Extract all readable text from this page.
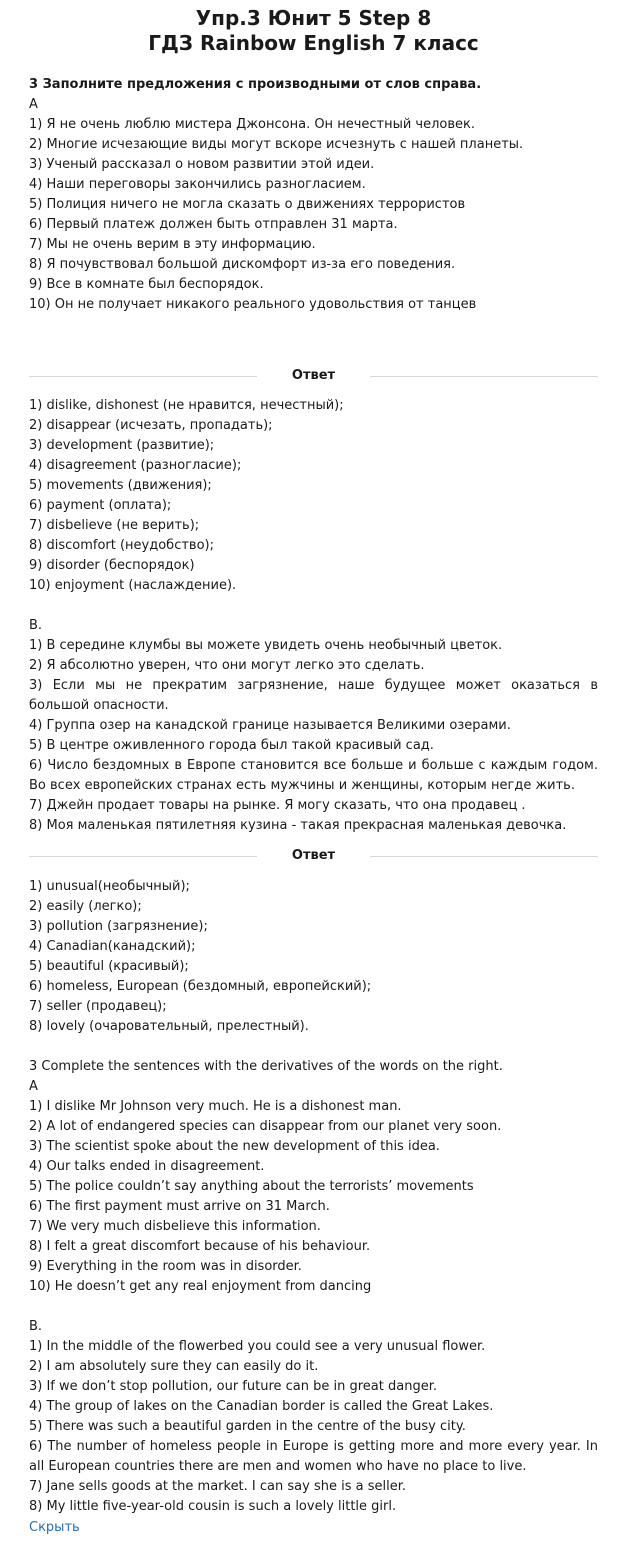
Упр.3 Юнит 5 Step 8
ГДЗ Rainbow English 7 класс
3 Заполните предложения с производными от слов справа.
А
1) Я не очень люблю мистера Джонсона. Он нечестный человек.
2) Многие исчезающие виды могут вскоре исчезнуть с нашей планеты.
3) Ученый рассказал о новом развитии этой идеи.
4) Наши переговоры закончились разногласием.
5) Полиция ничего не могла сказать о движениях террористов
6) Первый платеж должен быть отправлен 31 марта.
7) Мы не очень верим в эту информацию.
8) Я почувствовал большой дискомфорт из-за его поведения.
9) Все в комнате был беспорядок.
10) Он не получает никакого реального удовольствия от танцев
Ответ
1) dislike, dishonest (не нравится, нечестный);
2) disappear (исчезать, пропадать);
3) development (развитие);
4) disagreement (разногласие);
5) movements (движения);
6) payment (оплата);
7) disbelieve (не верить);
8) discomfort (неудобство);
9) disorder (беспорядок)
10) enjoyment (наслаждение).
В.
1) В середине клумбы вы можете увидеть очень необычный цветок.
2) Я абсолютно уверен, что они могут легко это сделать.
3) Если мы не прекратим загрязнение, наше будущее может оказаться в большой опасности.
4) Группа озер на канадской границе называется Великими озерами.
5) В центре оживленного города был такой красивый сад.
6) Число бездомных в Европе становится все больше и больше с каждым годом. Во всех европейских странах есть мужчины и женщины, которым негде жить.
7) Джейн продает товары на рынке. Я могу сказать, что она продавец .
8) Моя маленькая пятилетняя кузина - такая прекрасная маленькая девочка.
Ответ
1) unusual(необычный);
2) easily (легко);
3) pollution (загрязнение);
4) Canadian(канадский);
5) beautiful (красивый);
6) homeless, European (бездомный, европейский);
7) seller (продавец);
8) lovely (очаровательный, прелестный).
3 Complete the sentences with the derivatives of the words on the right.
A
1) I dislike Mr Johnson very much. He is a dishonest man.
2) A lot of endangered species can disappear from our planet very soon.
3) The scientist spoke about the new development of this idea.
4) Our talks ended in disagreement.
5) The police couldn’t say anything about the terrorists’ movements
6) The first payment must arrive on 31 March.
7) We very much disbelieve this information.
8) I felt a great discomfort because of his behaviour.
9) Everything in the room was in disorder.
10) He doesn’t get any real enjoyment from dancing
B.
1) In the middle of the flowerbed you could see a very unusual flower.
2) I am absolutely sure they can easily do it.
3) If we don’t stop pollution, our future can be in great danger.
4) The group of lakes on the Canadian border is called the Great Lakes.
5) There was such a beautiful garden in the centre of the busy city.
6) The number of homeless people in Europe is getting more and more every year. In all European countries there are men and women who have no place to live.
7) Jane sells goods at the market. I can say she is a seller.
8) My little five-year-old cousin is such a lovely little girl.
Скрыть
